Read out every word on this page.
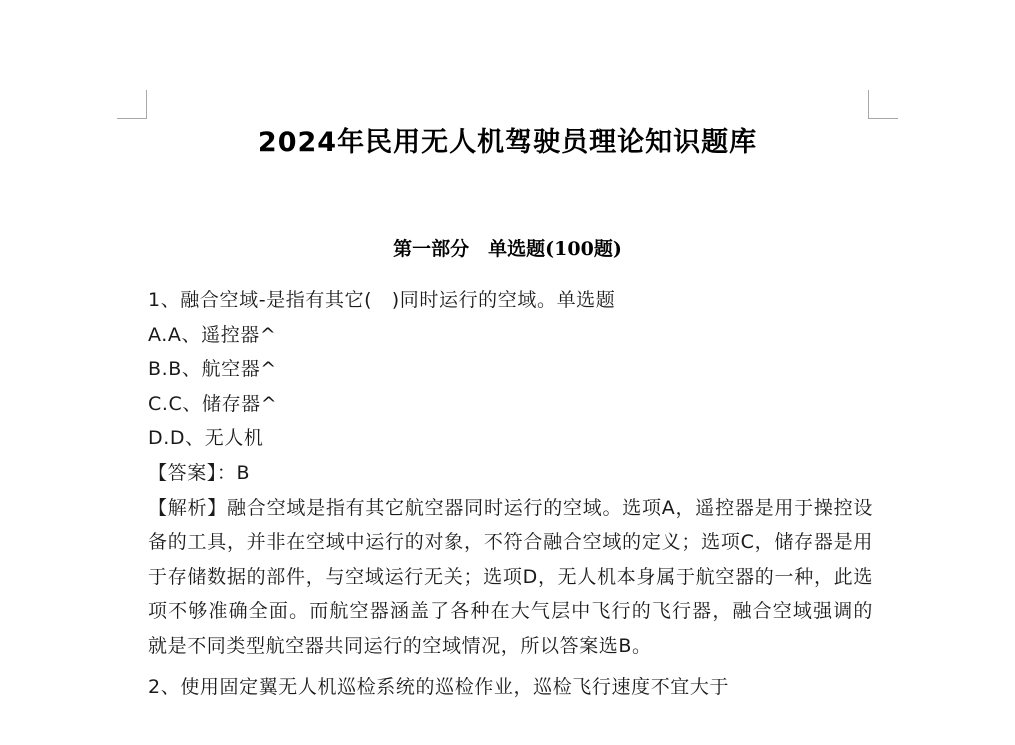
2024年民用无人机驾驶员理论知识题库
第一部分　单选题(100题)
1、融合空域-是指有其它(　)同时运行的空域。单选题
A.A、遥控器^
B.B、航空器^
C.C、储存器^
D.D、无人机
【答案】：B
【解析】融合空域是指有其它航空器同时运行的空域。选项A，遥控器是用于操控设备的工具，并非在空域中运行的对象，不符合融合空域的定义；选项C，储存器是用于存储数据的部件，与空域运行无关；选项D，无人机本身属于航空器的一种，此选项不够准确全面。而航空器涵盖了各种在大气层中飞行的飞行器，融合空域强调的就是不同类型航空器共同运行的空域情况，所以答案选B。
2、使用固定翼无人机巡检系统的巡检作业，巡检飞行速度不宜大于
